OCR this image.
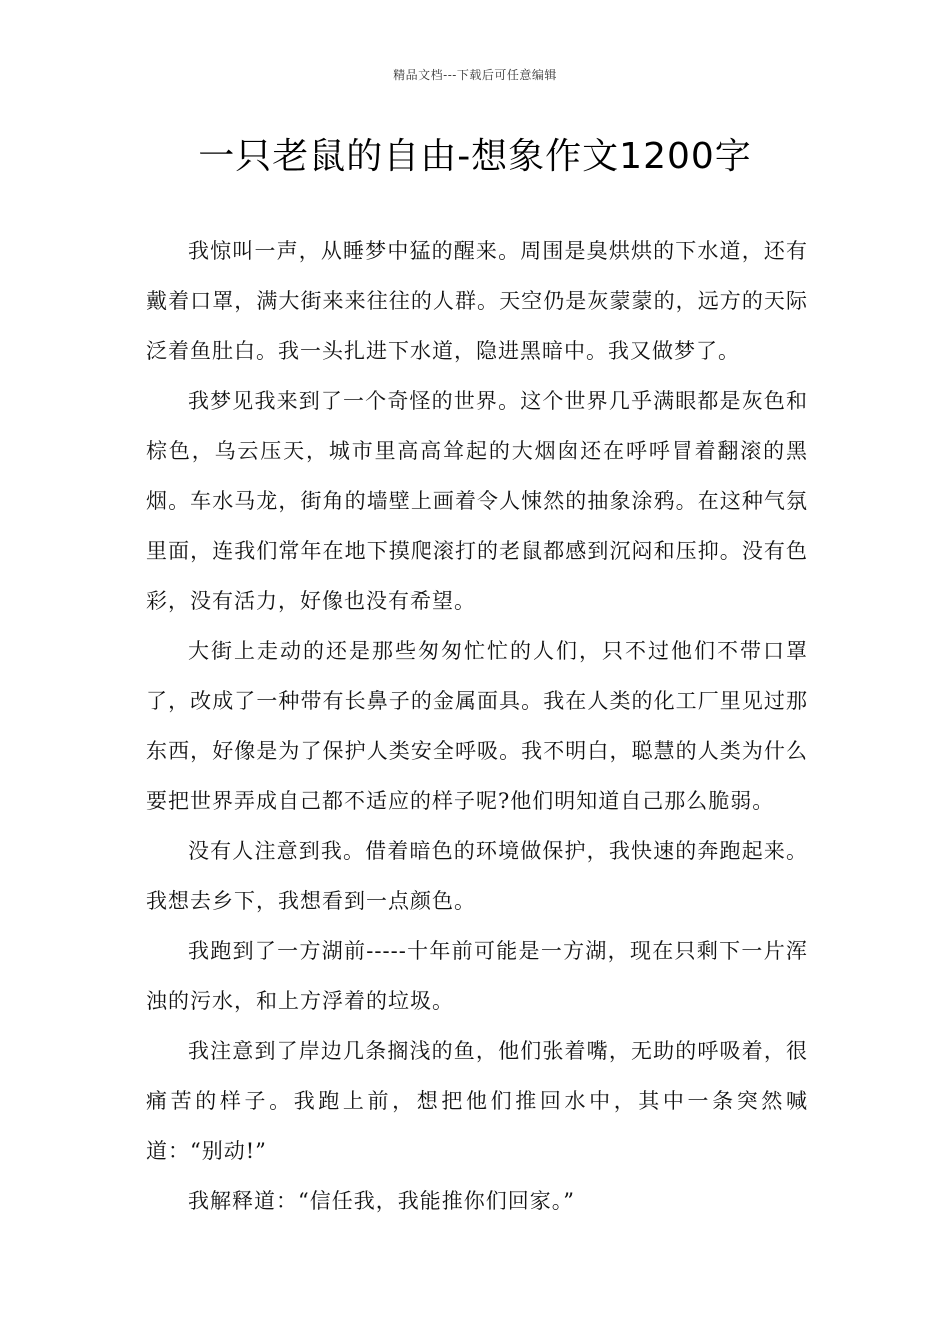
精品文档---下载后可任意编辑
一只老鼠的自由-想象作文1200字

我惊叫一声，从睡梦中猛的醒来。周围是臭烘烘的下水道，还有戴着口罩，满大街来来往往的人群。天空仍是灰蒙蒙的，远方的天际泛着鱼肚白。我一头扎进下水道，隐进黑暗中。我又做梦了。

我梦见我来到了一个奇怪的世界。这个世界几乎满眼都是灰色和棕色，乌云压天，城市里高高耸起的大烟囱还在呼呼冒着翻滚的黑烟。车水马龙，街角的墙壁上画着令人悚然的抽象涂鸦。在这种气氛里面，连我们常年在地下摸爬滚打的老鼠都感到沉闷和压抑。没有色彩，没有活力，好像也没有希望。

大街上走动的还是那些匆匆忙忙的人们，只不过他们不带口罩了，改成了一种带有长鼻子的金属面具。我在人类的化工厂里见过那东西，好像是为了保护人类安全呼吸。我不明白，聪慧的人类为什么要把世界弄成自己都不适应的样子呢?他们明知道自己那么脆弱。

没有人注意到我。借着暗色的环境做保护，我快速的奔跑起来。我想去乡下，我想看到一点颜色。

我跑到了一方湖前-----十年前可能是一方湖，现在只剩下一片浑浊的污水，和上方浮着的垃圾。

我注意到了岸边几条搁浅的鱼，他们张着嘴，无助的呼吸着，很痛苦的样子。我跑上前，想把他们推回水中，其中一条突然喊道：“别动!”

我解释道：“信任我，我能推你们回家。”
